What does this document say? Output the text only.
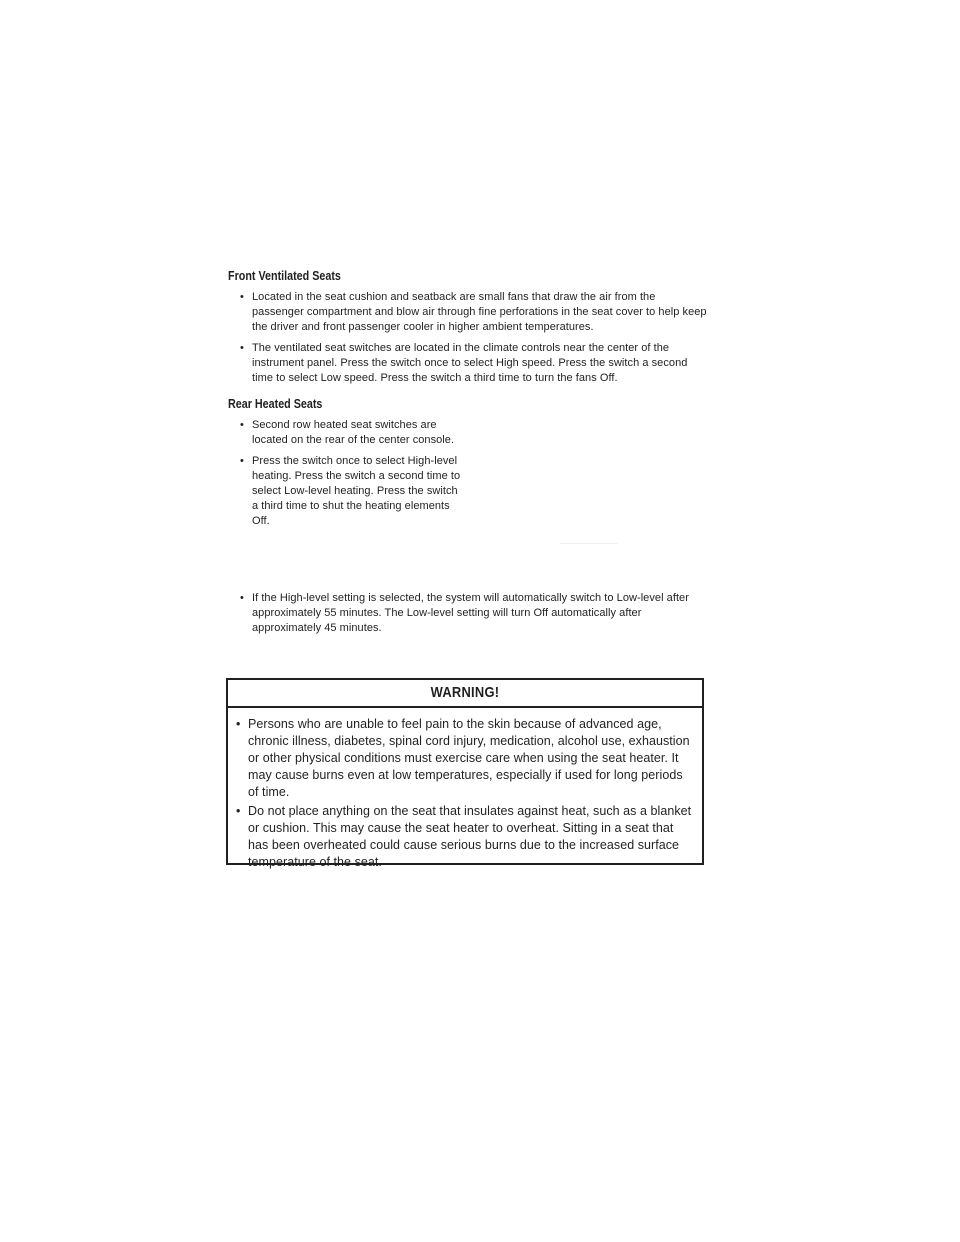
Front Ventilated Seats
• Located in the seat cushion and seatback are small fans that draw the air from the passenger compartment and blow air through fine perforations in the seat cover to help keep the driver and front passenger cooler in higher ambient temperatures.
• The ventilated seat switches are located in the climate controls near the center of the instrument panel. Press the switch once to select High speed. Press the switch a second time to select Low speed. Press the switch a third time to turn the fans Off.
Rear Heated Seats
• Second row heated seat switches are located on the rear of the center console.
• Press the switch once to select High-level heating. Press the switch a second time to select Low-level heating. Press the switch a third time to shut the heating elements Off.
• If the High-level setting is selected, the system will automatically switch to Low-level after approximately 55 minutes. The Low-level setting will turn Off automatically after approximately 45 minutes.
WARNING!
• Persons who are unable to feel pain to the skin because of advanced age, chronic illness, diabetes, spinal cord injury, medication, alcohol use, exhaustion or other physical conditions must exercise care when using the seat heater. It may cause burns even at low temperatures, especially if used for long periods of time.
• Do not place anything on the seat that insulates against heat, such as a blanket or cushion. This may cause the seat heater to overheat. Sitting in a seat that has been overheated could cause serious burns due to the increased surface temperature of the seat.
